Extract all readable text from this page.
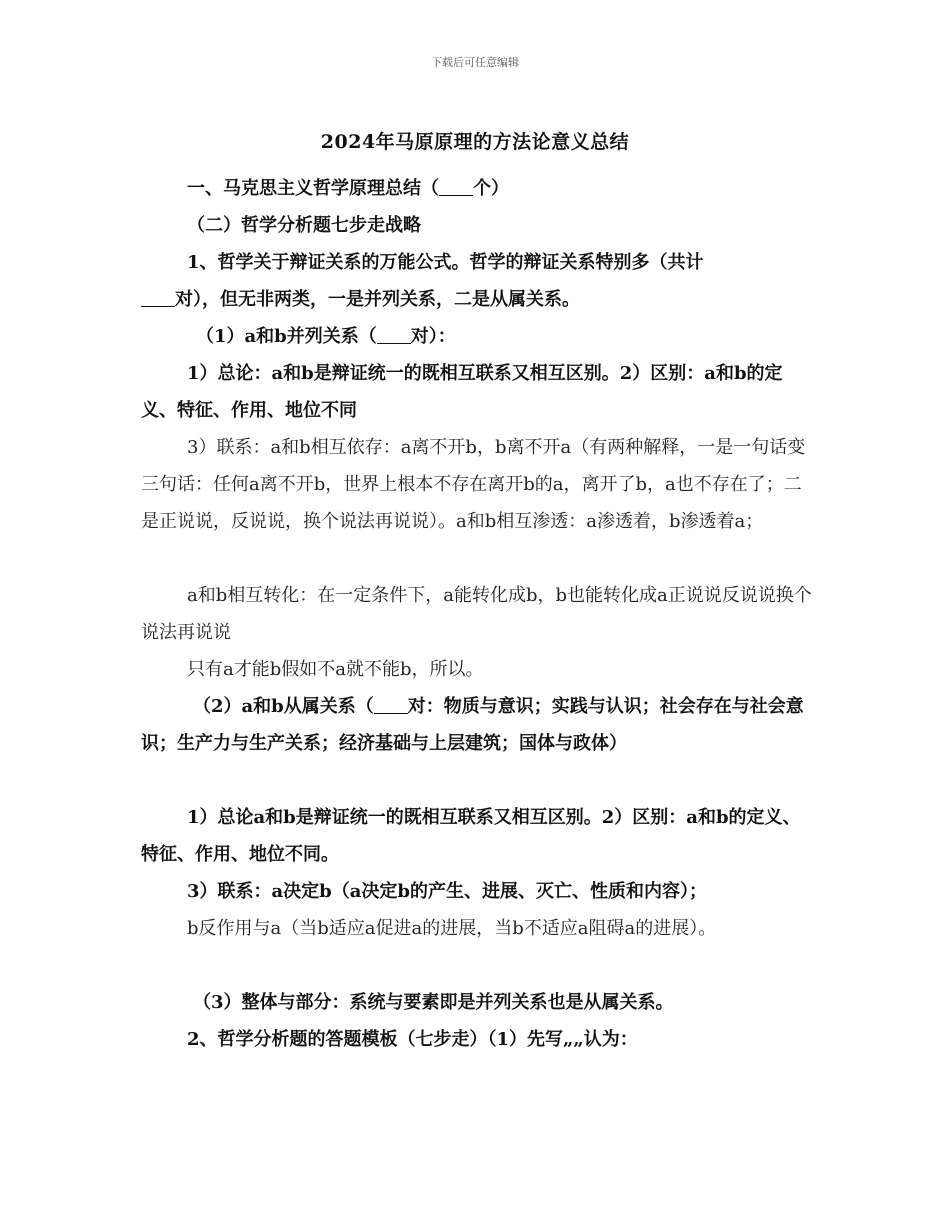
下载后可任意编辑
2024年马原原理的方法论意义总结

一、马克思主义哲学原理总结（ 个）

（二）哲学分析题七步走战略

1、哲学关于辩证关系的万能公式。哲学的辩证关系特别多（共计
对），但无非两类，一是并列关系，二是从属关系。

（1）a和b并列关系（ 对）：

1）总论：a和b是辩证统一的既相互联系又相互区别。2）区别：a和b的定义、特征、作用、地位不同

3）联系：a和b相互依存：a离不开b，b离不开a（有两种解释，一是一句话变三句话：任何a离不开b，世界上根本不存在离开b的a，离开了b，a也不存在了；二是正说说，反说说，换个说法再说说）。a和b相互渗透：a渗透着，b渗透着a；

a和b相互转化：在一定条件下，a能转化成b，b也能转化成a正说说反说说换个说法再说说

只有a才能b假如不a就不能b，所以。

（2）a和b从属关系（ 对：物质与意识；实践与认识；社会存在与社会意识；生产力与生产关系；经济基础与上层建筑；国体与政体）

1）总论a和b是辩证统一的既相互联系又相互区别。2）区别：a和b的定义、特征、作用、地位不同。

3）联系：a决定b（a决定b的产生、进展、灭亡、性质和内容）；

b反作用与a（当b适应a促进a的进展，当b不适应a阻碍a的进展）。

（3）整体与部分：系统与要素即是并列关系也是从属关系。

2、哲学分析题的答题模板（七步走）（1）先写„„认为：
